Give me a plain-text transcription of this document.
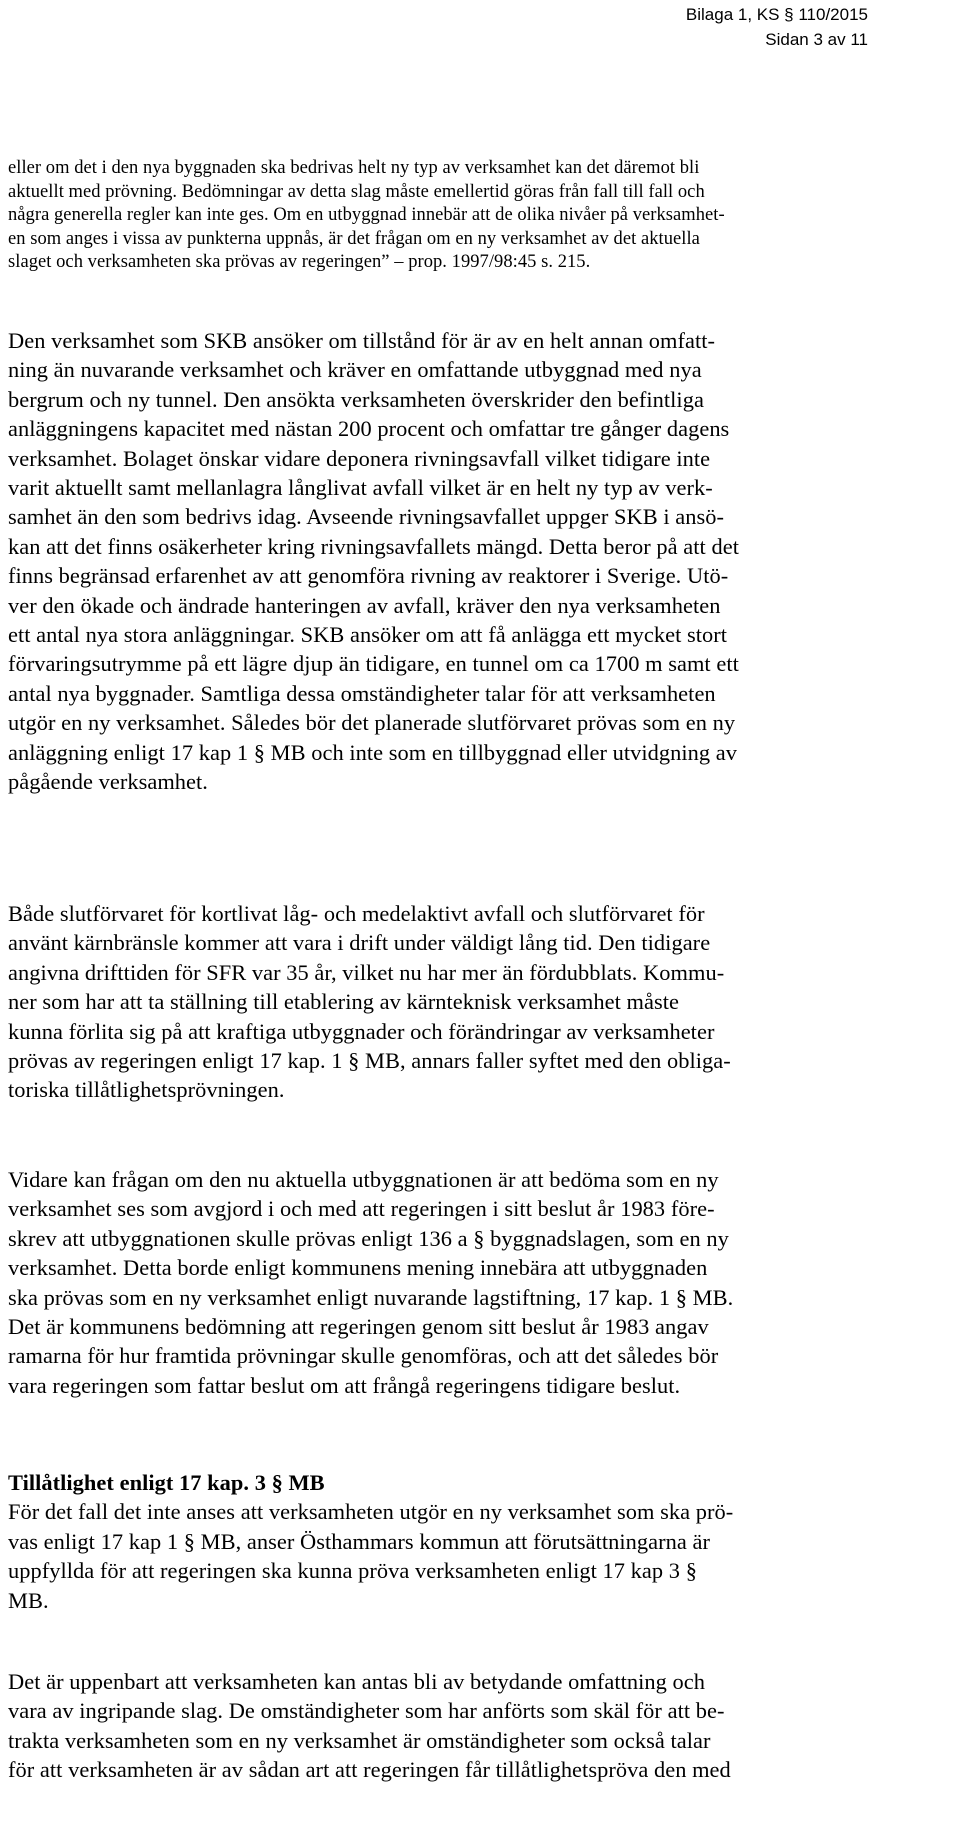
Bilaga 1, KS § 110/2015
Sidan 3 av 11

eller om det i den nya byggnaden ska bedrivas helt ny typ av verksamhet kan det däremot bli

aktuellt med prövning. Bedömningar av detta slag måste emellertid göras från fall till fall och

några generella regler kan inte ges. Om en utbyggnad innebär att de olika nivåer på verksamhet-

en som anges i vissa av punkterna uppnås, är det frågan om en ny verksamhet av det aktuella

slaget och verksamheten ska prövas av regeringen” – prop. 1997/98:45 s. 215.

Den verksamhet som SKB ansöker om tillstånd för är av en helt annan omfatt-

ning än nuvarande verksamhet och kräver en omfattande utbyggnad med nya

bergrum och ny tunnel. Den ansökta verksamheten överskrider den befintliga

anläggningens kapacitet med nästan 200 procent och omfattar tre gånger dagens

verksamhet. Bolaget önskar vidare deponera rivningsavfall vilket tidigare inte

varit aktuellt samt mellanlagra långlivat avfall vilket är en helt ny typ av verk-

samhet än den som bedrivs idag. Avseende rivningsavfallet uppger SKB i ansö-

kan att det finns osäkerheter kring rivningsavfallets mängd. Detta beror på att det

finns begränsad erfarenhet av att genomföra rivning av reaktorer i Sverige. Utö-

ver den ökade och ändrade hanteringen av avfall, kräver den nya verksamheten

ett antal nya stora anläggningar. SKB ansöker om att få anlägga ett mycket stort

förvaringsutrymme på ett lägre djup än tidigare, en tunnel om ca 1700 m samt ett

antal nya byggnader. Samtliga dessa omständigheter talar för att verksamheten

utgör en ny verksamhet. Således bör det planerade slutförvaret prövas som en ny

anläggning enligt 17 kap 1 § MB och inte som en tillbyggnad eller utvidgning av

pågående verksamhet.

Både slutförvaret för kortlivat låg- och medelaktivt avfall och slutförvaret för

använt kärnbränsle kommer att vara i drift under väldigt lång tid. Den tidigare

angivna drifttiden för SFR var 35 år, vilket nu har mer än fördubblats. Kommu-

ner som har att ta ställning till etablering av kärnteknisk verksamhet måste

kunna förlita sig på att kraftiga utbyggnader och förändringar av verksamheter

prövas av regeringen enligt 17 kap. 1 § MB, annars faller syftet med den obliga-

toriska tillåtlighetsprövningen.

Vidare kan frågan om den nu aktuella utbyggnationen är att bedöma som en ny

verksamhet ses som avgjord i och med att regeringen i sitt beslut år 1983 före-

skrev att utbyggnationen skulle prövas enligt 136 a § byggnadslagen, som en ny

verksamhet. Detta borde enligt kommunens mening innebära att utbyggnaden

ska prövas som en ny verksamhet enligt nuvarande lagstiftning, 17 kap. 1 § MB.

Det är kommunens bedömning att regeringen genom sitt beslut år 1983 angav

ramarna för hur framtida prövningar skulle genomföras, och att det således bör

vara regeringen som fattar beslut om att frångå regeringens tidigare beslut.

Tillåtlighet enligt 17 kap. 3 § MB

För det fall det inte anses att verksamheten utgör en ny verksamhet som ska prö-

vas enligt 17 kap 1 § MB, anser Östhammars kommun att förutsättningarna är

uppfyllda för att regeringen ska kunna pröva verksamheten enligt 17 kap 3 §

MB.

Det är uppenbart att verksamheten kan antas bli av betydande omfattning och

vara av ingripande slag. De omständigheter som har anförts som skäl för att be-

trakta verksamheten som en ny verksamhet är omständigheter som också talar

för att verksamheten är av sådan art att regeringen får tillåtlighetspröva den med
